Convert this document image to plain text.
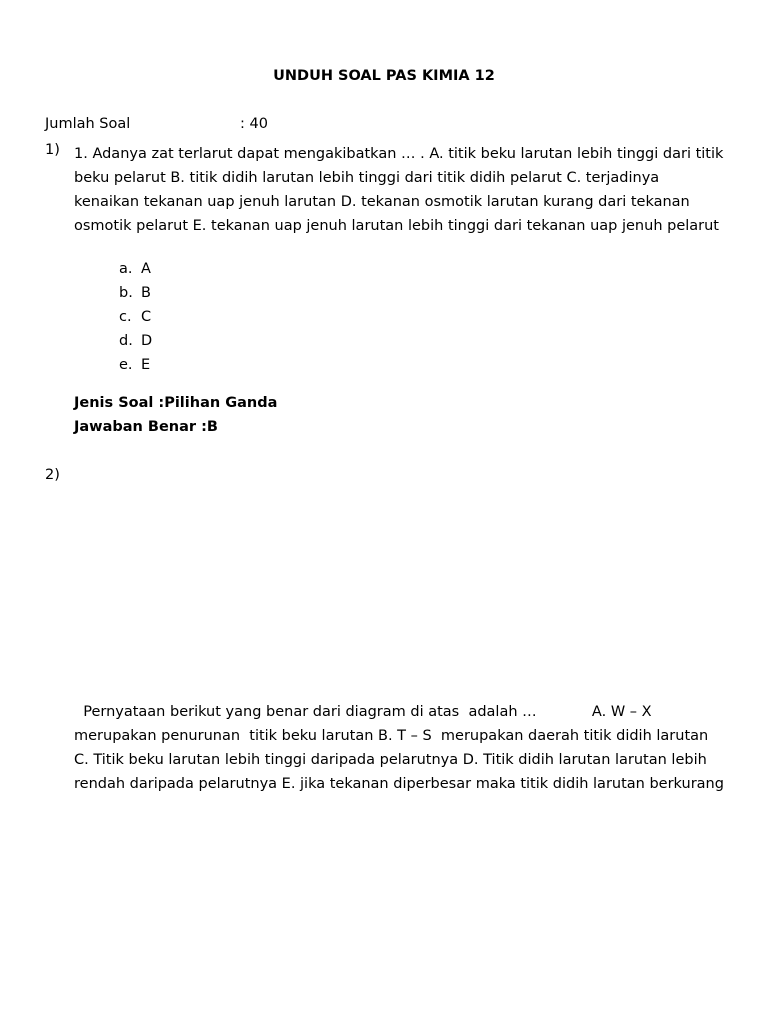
UNDUH SOAL PAS KIMIA 12
Jumlah Soal	: 40
1) 1. Adanya zat terlarut dapat mengakibatkan … . A. titik beku larutan lebih tinggi dari titik beku pelarut B. titik didih larutan lebih tinggi dari titik didih pelarut C. terjadinya kenaikan tekanan uap jenuh larutan D. tekanan osmotik larutan kurang dari tekanan osmotik pelarut E. tekanan uap jenuh larutan lebih tinggi dari tekanan uap jenuh pelarut
a. A
b. B
c. C
d. D
e. E
Jenis Soal :Pilihan Ganda
Jawaban Benar :B
2)
Pernyataan berikut yang benar dari diagram di atas  adalah …            A. W – X merupakan penurunan  titik beku larutan B. T – S  merupakan daerah titik didih larutan C. Titik beku larutan lebih tinggi daripada pelarutnya D. Titik didih larutan larutan lebih rendah daripada pelarutnya E. jika tekanan diperbesar maka titik didih larutan berkurang
